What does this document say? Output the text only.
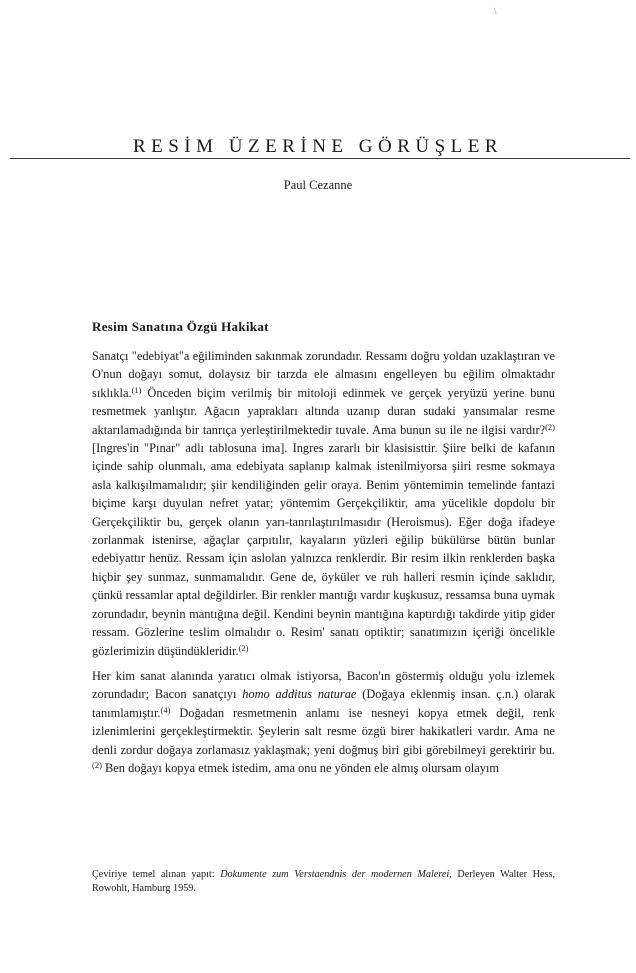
\
RESİM ÜZERİNE GÖRÜŞLER
Paul Cezanne
Resim Sanatına Özgü Hakikat

Sanatçı "edebiyat"a eğiliminden sakınmak zorundadır. Ressamı doğru yoldan uzaklaştıran ve O'nun doğayı somut, dolaysız bir tarzda ele almasını engelleyen bu eğilim olmaktadır sıklıkla.$^{(1)}$ Önceden biçim verilmiş bir mitoloji edinmek ve gerçek yeryüzü yerine bunu resmetmek yanlıştır. Ağacın yaprakları altında uzanıp duran sudaki yansımalar resme aktarılamadığında bir tanrıça yerleştirilmektedir tuvale. Ama bunun su ile ne ilgisi vardır?$^{(2)}$ [Ingres'in "Pınar" adlı tablosuna ima]. Ingres zararlı bir klasisisttir. Şiire belki de kafanın içinde sahip olunmalı, ama edebiyata saplanıp kalmak istenilmiyorsa şiiri resme sokmaya asla kalkışılmamalıdır; şiir kendiliğinden gelir oraya. Benim yöntemimin temelinde fantazi biçime karşı duyulan nefret yatar; yöntemim Gerçekçiliktir, ama yücelikle dopdolu bir Gerçekçiliktir bu, gerçek olanın yarı-tanrılaştırılmasıdır (Heroismus). Eğer doğa ifadeye zorlanmak istenirse, ağaçlar çarpıtılır, kayaların yüzleri eğilip bükülürse bütün bunlar edebiyattır henüz. Ressam için aslolan yalnızca renklerdir. Bir resim ilkin renklerden başka hiçbir şey sunmaz, sunmamalıdır. Gene de, öyküler ve ruh halleri resmin içinde saklıdır, çünkü ressamlar aptal değildirler. Bir renkler mantığı vardır kuşkusuz, ressamsa buna uymak zorundadır, beynin mantığına değil. Kendini beynin mantığına kaptırdığı takdirde yitip gider ressam. Gözlerine teslim olmalıdır o. Resim' sanatı optiktir; sanatımızın içeriği öncelikle gözlerimizin düşündükleridir.$^{(2)}$

Her kim sanat alanında yaratıcı olmak istiyorsa, Bacon'ın göstermiş olduğu yolu izlemek zorundadır; Bacon sanatçıyı homo additus naturae (Doğaya eklenmiş insan. ç.n.) olarak tanımlamıştır.$^{(4)}$ Doğadan resmetmenin anlamı ise nesneyi kopya etmek değil, renk izlenimlerini gerçekleştirmektir. Şeylerin salt resme özgü birer hakikatleri vardır. Ama ne denli zordur doğaya zorlamasız yaklaşmak; yeni doğmuş biri gibi görebilmeyi gerektirir bu.$^{(2)}$ Ben doğayı kopya etmek istedim, ama onu ne yönden ele almış olursam olayım

Çeviriye temel alınan yapıt: Dokumente zum Verstaendnis der modernen Malerei, Derleyen Walter Hess, Rowohlt, Hamburg 1959.
